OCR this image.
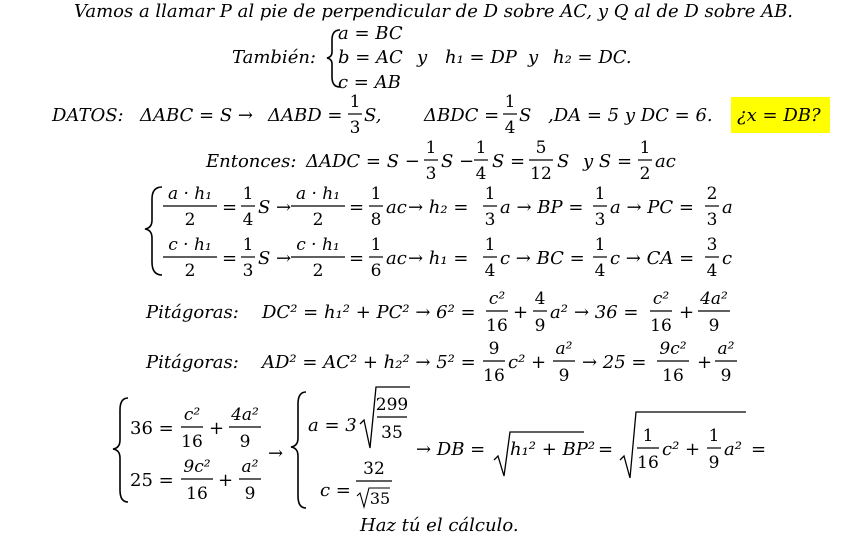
Vamos a llamar P al pie de perpendicular de D sobre AC, y Q al de D sobre AB.
También:
a = BC
b = AC y h₁ = DP y h₂ = DC.
c = AB
DATOS: ΔABC = S → ΔABD =
1
3
S, ΔBDC =
1
4
S ,DA = 5 y DC = 6. ¿x = DB?
Entonces: ΔADC = S −
1
3
S −
1
4
S =
5
12
S y S =
1
2
ac
a · h₁
2
=
1
4
S →
a · h₁
2
=
1
8
ac → h₂ =
1
3
a → BP =
1
3
a → PC =
2
3
a
c · h₁
2
=
1
3
S →
c · h₁
2
=
1
6
ac → h₁ =
1
4
c → BC =
1
4
c → CA =
3
4
c
Pitágoras: DC² = h₁² + PC² → 6² =
c²
16
+
4
9
a² → 36 =
c²
16
+
4a²
9
Pitágoras: AD² = AC² + h₂² → 5² =
9
16
c² +
a²
9
→ 25 =
9c²
16
+
a²
9
36 =
c²
16
+
4a²
9
25 =
9c²
16
+
a²
9
→
a = 3
299
35
c =
32
35
→ DB = h₁² + BP² =
1
16
c² +
1
9
a² =
Haz tú el cálculo.
